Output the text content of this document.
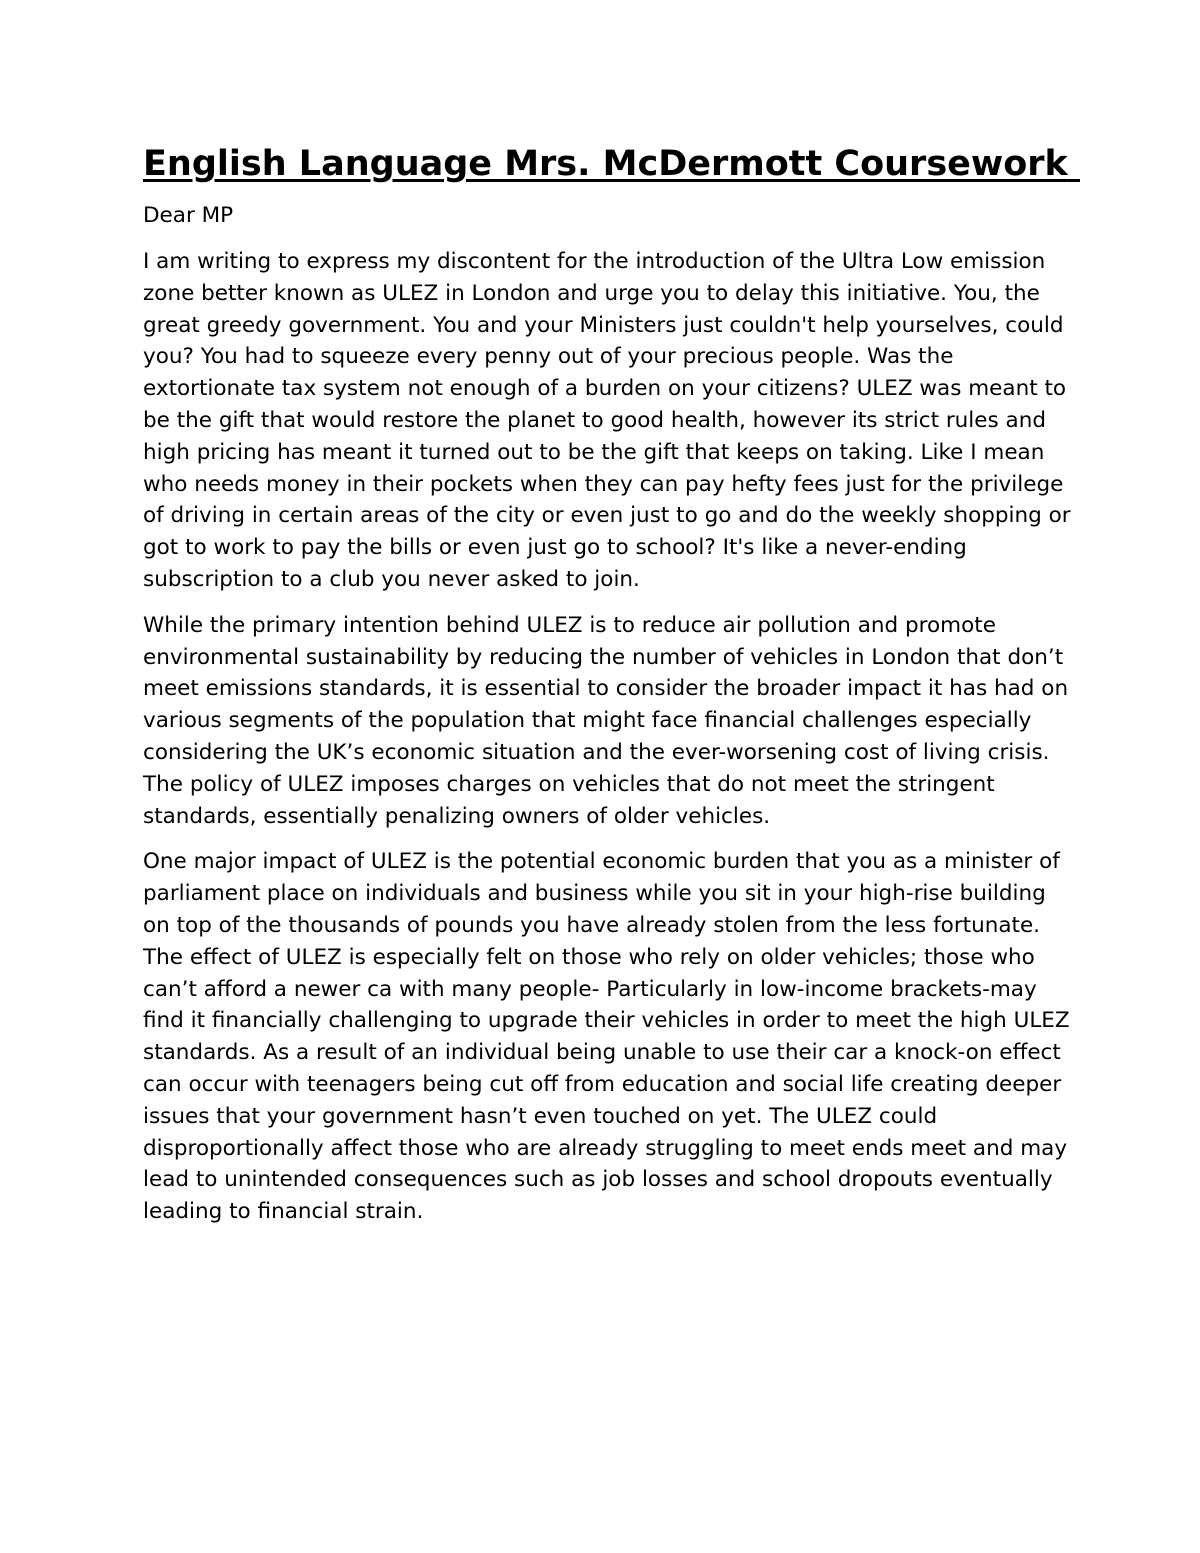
English Language Mrs. McDermott Coursework
Dear MP

I am writing to express my discontent for the introduction of the Ultra Low emission zone better known as ULEZ in London and urge you to delay this initiative. You, the great greedy government. You and your Ministers just couldn't help yourselves, could you? You had to squeeze every penny out of your precious people. Was the extortionate tax system not enough of a burden on your citizens? ULEZ was meant to be the gift that would restore the planet to good health, however its strict rules and high pricing has meant it turned out to be the gift that keeps on taking. Like I mean who needs money in their pockets when they can pay hefty fees just for the privilege of driving in certain areas of the city or even just to go and do the weekly shopping or got to work to pay the bills or even just go to school? It's like a never-ending subscription to a club you never asked to join.

While the primary intention behind ULEZ is to reduce air pollution and promote environmental sustainability by reducing the number of vehicles in London that don’t meet emissions standards, it is essential to consider the broader impact it has had on various segments of the population that might face financial challenges especially considering the UK’s economic situation and the ever-worsening cost of living crisis. The policy of ULEZ imposes charges on vehicles that do not meet the stringent standards, essentially penalizing owners of older vehicles.

One major impact of ULEZ is the potential economic burden that you as a minister of parliament place on individuals and business while you sit in your high-rise building on top of the thousands of pounds you have already stolen from the less fortunate. The effect of ULEZ is especially felt on those who rely on older vehicles; those who can’t afford a newer ca with many people- Particularly in low-income brackets-may find it financially challenging to upgrade their vehicles in order to meet the high ULEZ standards. As a result of an individual being unable to use their car a knock-on effect can occur with teenagers being cut off from education and social life creating deeper issues that your government hasn’t even touched on yet. The ULEZ could disproportionally affect those who are already struggling to meet ends meet and may lead to unintended consequences such as job losses and school dropouts eventually leading to financial strain.
